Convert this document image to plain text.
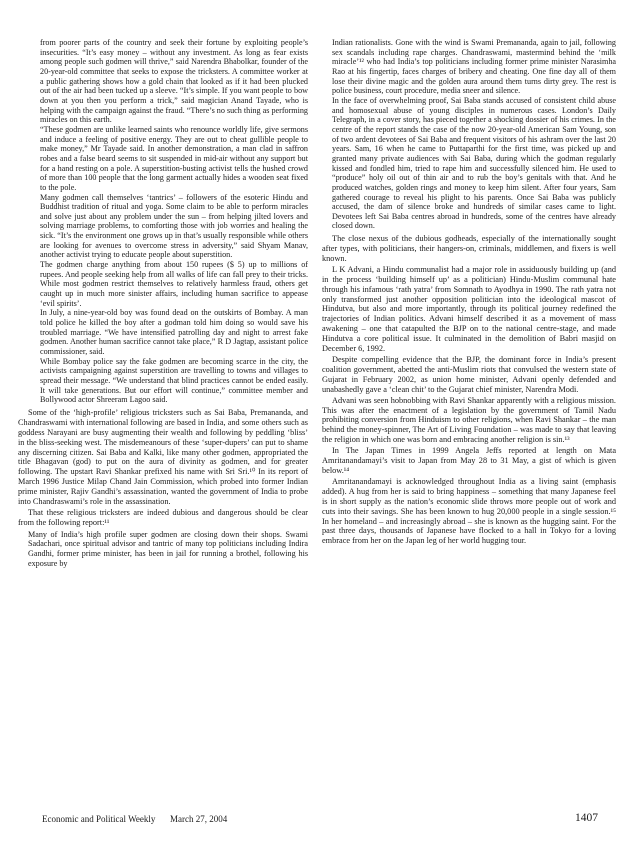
from poorer parts of the country and seek their fortune by exploiting people’s insecurities. “It’s easy money – without any investment. As long as fear exists among people such godmen will thrive,” said Narendra Bhabolkar, founder of the 20-year-old committee that seeks to expose the tricksters. A committee worker at a public gathering shows how a gold chain that looked as if it had been plucked out of the air had been tucked up a sleeve. “It’s simple. If you want people to bow down at you then you perform a trick,” said magician Anand Tayade, who is helping with the campaign against the fraud. “There’s no such thing as performing miracles on this earth.

“These godmen are unlike learned saints who renounce worldly life, give sermons and induce a feeling of positive energy. They are out to cheat gullible people to make money,” Mr Tayade said. In another demonstration, a man clad in saffron robes and a false beard seems to sit suspended in mid-air without any support but for a hand resting on a pole. A superstition-busting activist tells the hushed crowd of more than 100 people that the long garment actually hides a wooden seat fixed to the pole.

Many godmen call themselves ‘tantrics’ – followers of the esoteric Hindu and Buddhist tradition of ritual and yoga. Some claim to be able to perform miracles and solve just about any problem under the sun – from helping jilted lovers and solving marriage problems, to comforting those with job worries and healing the sick. “It’s the environment one grows up in that’s usually responsible while others are looking for avenues to overcome stress in adversity,” said Shyam Manav, another activist trying to educate people about superstition.

The godmen charge anything from about 150 rupees ($ 5) up to millions of rupees. And people seeking help from all walks of life can fall prey to their tricks. While most godmen restrict themselves to relatively harmless fraud, others get caught up in much more sinister affairs, including human sacrifice to appease ‘evil spirits’.

In July, a nine-year-old boy was found dead on the outskirts of Bombay. A man told police he killed the boy after a godman told him doing so would save his troubled marriage. “We have intensified patrolling day and night to arrest fake godmen. Another human sacrifice cannot take place,” R D Jagtap, assistant police commissioner, said.

While Bombay police say the fake godmen are becoming scarce in the city, the activists campaigning against superstition are travelling to towns and villages to spread their message. “We understand that blind practices cannot be ended easily. It will take generations. But our effort will continue,” committee member and Bollywood actor Shreeram Lagoo said.

Some of the ‘high-profile’ religious tricksters such as Sai Baba, Premananda, and Chandraswami with international following are based in India, and some others such as goddess Narayani are busy augmenting their wealth and following by peddling ‘bliss’ in the bliss-seeking west. The misdemeanours of these ‘super-dupers’ can put to shame any discerning citizen. Sai Baba and Kalki, like many other godmen, appropriated the title Bhagavan (god) to put on the aura of divinity as godmen, and for greater following. The upstart Ravi Shankar prefixed his name with Sri Sri.¹⁰ In its report of March 1996 Justice Milap Chand Jain Commission, which probed into former Indian prime minister, Rajiv Gandhi’s assassination, wanted the government of India to probe into Chandraswami’s role in the assassination.

That these religious tricksters are indeed dubious and dangerous should be clear from the following report:¹¹

Many of India’s high profile super godmen are closing down their shops. Swami Sadachari, once spiritual advisor and tantric of many top politicians including Indira Gandhi, former prime minister, has been in jail for running a brothel, following his exposure by

Indian rationalists. Gone with the wind is Swami Premananda, again to jail, following sex scandals including rape charges. Chandraswami, mastermind behind the ‘milk miracle’¹² who had India’s top politicians including former prime minister Narasimha Rao at his fingertip, faces charges of bribery and cheating. One fine day all of them lose their divine magic and the golden aura around them turns dirty grey. The rest is police business, court procedure, media sneer and silence.

In the face of overwhelming proof, Sai Baba stands accused of consistent child abuse and homosexual abuse of young disciples in numerous cases. London’s Daily Telegraph, in a cover story, has pieced together a shocking dossier of his crimes. In the centre of the report stands the case of the now 20-year-old American Sam Young, son of two ardent devotees of Sai Baba and frequent visitors of his ashram over the last 20 years. Sam, 16 when he came to Puttaparthi for the first time, was picked up and granted many private audiences with Sai Baba, during which the godman regularly kissed and fondled him, tried to rape him and successfully silenced him. He used to “produce” holy oil out of thin air and to rub the boy’s genitals with that. And he produced watches, golden rings and money to keep him silent. After four years, Sam gathered courage to reveal his plight to his parents. Once Sai Baba was publicly accused, the dam of silence broke and hundreds of similar cases came to light. Devotees left Sai Baba centres abroad in hundreds, some of the centres have already closed down.

The close nexus of the dubious godheads, especially of the internationally sought after types, with politicians, their hangers-on, criminals, middlemen, and fixers is well known.

L K Advani, a Hindu communalist had a major role in assiduously building up (and in the process ‘building himself up’ as a politician) Hindu-Muslim communal hate through his infamous ‘rath yatra’ from Somnath to Ayodhya in 1990. The rath yatra not only transformed just another opposition politician into the ideological mascot of Hindutva, but also and more importantly, through its political journey redefined the trajectories of Indian politics. Advani himself described it as a movement of mass awakening – one that catapulted the BJP on to the national centre-stage, and made Hindutva a core political issue. It culminated in the demolition of Babri masjid on December 6, 1992.

Despite compelling evidence that the BJP, the dominant force in India’s present coalition government, abetted the anti-Muslim riots that convulsed the western state of Gujarat in February 2002, as union home minister, Advani openly defended and unabashedly gave a ‘clean chit’ to the Gujarat chief minister, Narendra Modi.

Advani was seen hobnobbing with Ravi Shankar apparently with a religious mission. This was after the enactment of a legislation by the government of Tamil Nadu prohibiting conversion from Hinduism to other religions, when Ravi Shankar – the man behind the money-spinner, The Art of Living Foundation – was made to say that leaving the religion in which one was born and embracing another religion is sin.¹³

In The Japan Times in 1999 Angela Jeffs reported at length on Mata Amritanandamayi’s visit to Japan from May 28 to 31 May, a gist of which is given below.¹⁴

Amritanandamayi is acknowledged throughout India as a living saint (emphasis added). A hug from her is said to bring happiness – something that many Japanese feel is in short supply as the nation’s economic slide throws more people out of work and cuts into their savings. She has been known to hug 20,000 people in a single session.¹⁵ In her homeland – and increasingly abroad – she is known as the hugging saint. For the past three days, thousands of Japanese have flocked to a hall in Tokyo for a loving embrace from her on the Japan leg of her world hugging tour.

Economic and Political Weekly March 27, 2004	1407
